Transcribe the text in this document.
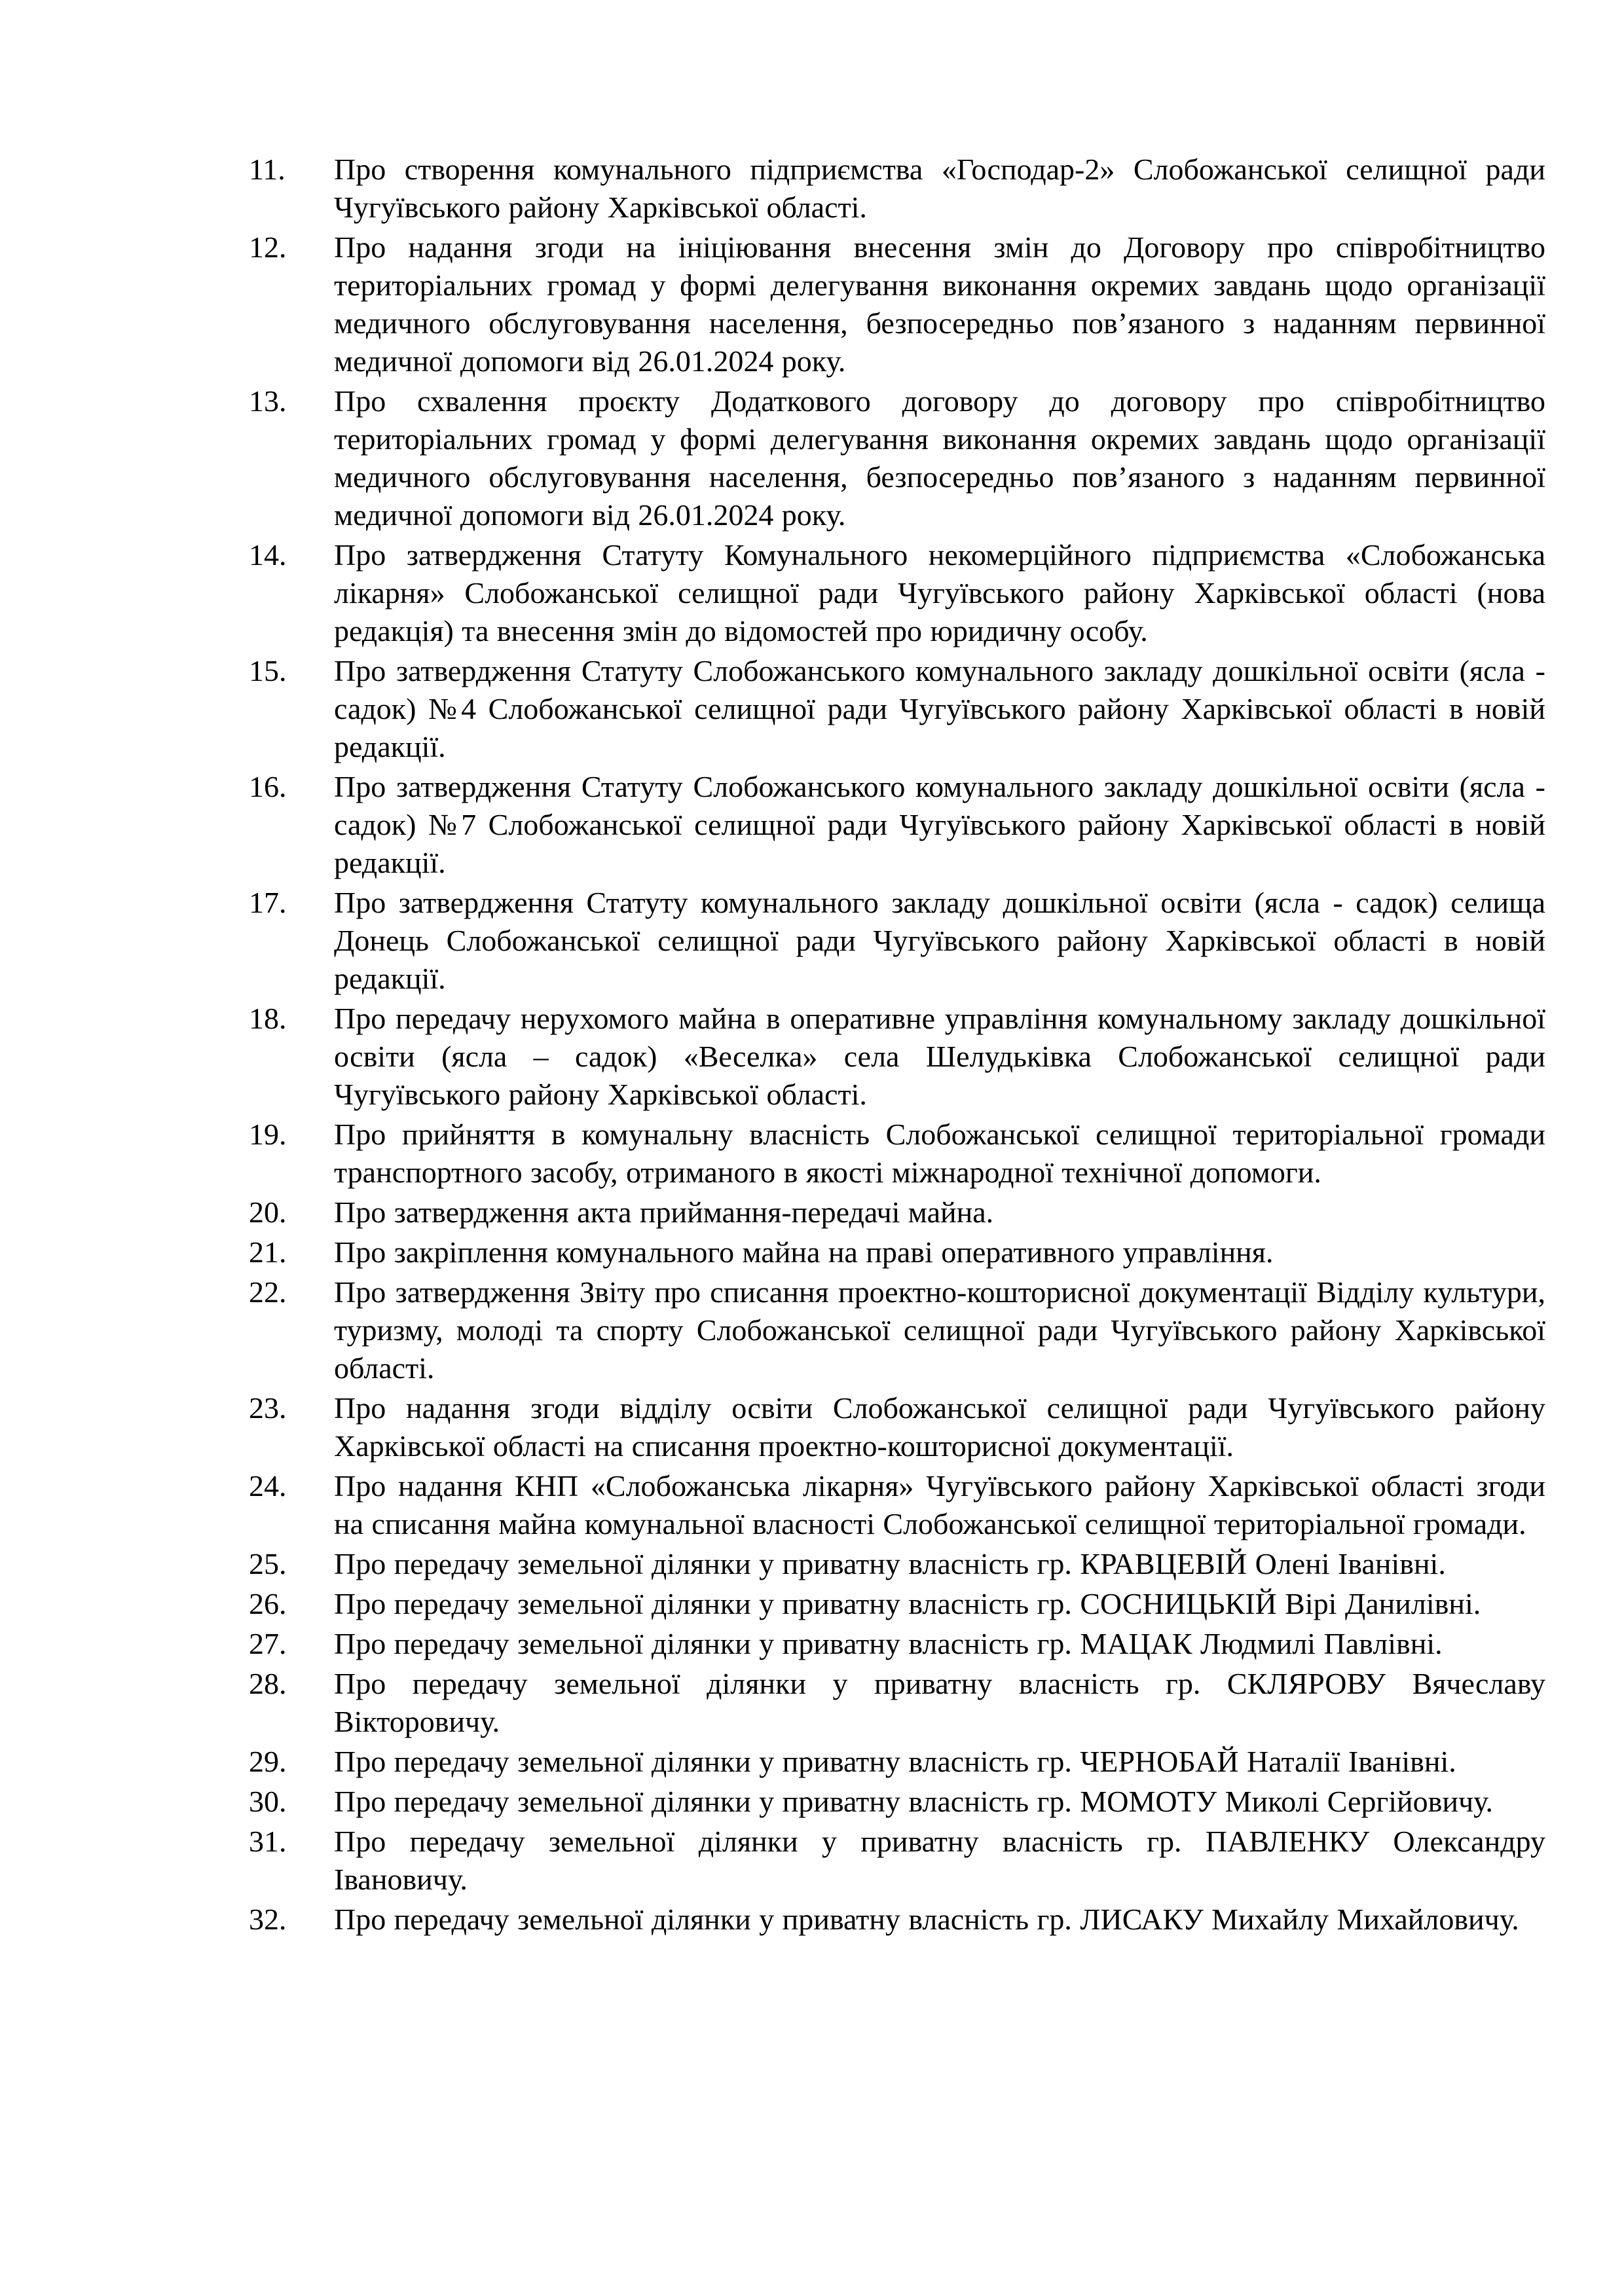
11.	Про створення комунального підприємства «Господар-2» Слобожанської селищної ради Чугуївського району Харківської області.
12.	Про надання згоди на ініціювання внесення змін до Договору про співробітництво територіальних громад у формі делегування виконання окремих завдань щодо організації медичного обслуговування населення, безпосередньо пов’язаного з наданням первинної медичної допомоги від 26.01.2024 року.
13.	Про схвалення проєкту Додаткового договору до договору про співробітництво територіальних громад у формі делегування виконання окремих завдань щодо організації медичного обслуговування населення, безпосередньо пов’язаного з наданням первинної медичної допомоги від 26.01.2024 року.
14.	Про затвердження Статуту Комунального некомерційного підприємства «Слобожанська лікарня» Слобожанської селищної ради Чугуївського району Харківської області (нова редакція) та внесення змін до відомостей про юридичну особу.
15.	Про затвердження Статуту Слобожанського комунального закладу дошкільної освіти (ясла - садок) №4 Слобожанської селищної ради Чугуївського району Харківської області в новій редакції.
16.	Про затвердження Статуту Слобожанського комунального закладу дошкільної освіти (ясла - садок) №7 Слобожанської селищної ради Чугуївського району Харківської області в новій редакції.
17.	Про затвердження Статуту комунального закладу дошкільної освіти (ясла - садок) селища Донець Слобожанської селищної ради Чугуївського району Харківської області в новій редакції.
18.	Про передачу нерухомого майна в оперативне управління комунальному закладу дошкільної освіти (ясла – садок) «Веселка» села Шелудьківка Слобожанської селищної ради Чугуївського району Харківської області.
19.	Про прийняття в комунальну власність Слобожанської селищної територіальної громади транспортного засобу, отриманого в якості міжнародної технічної допомоги.
20.	Про затвердження акта приймання-передачі майна.
21.	Про закріплення комунального майна на праві оперативного управління.
22.	Про затвердження Звіту про списання проектно-кошторисної документації Відділу культури, туризму, молоді та спорту Слобожанської селищної ради Чугуївського району Харківської області.
23.	Про надання згоди відділу освіти Слобожанської селищної ради Чугуївського району Харківської області на списання проектно-кошторисної документації.
24.	Про надання КНП «Слобожанська лікарня» Чугуївського району Харківської області згоди на списання майна комунальної власності Слобожанської селищної територіальної громади.
25.	Про передачу земельної ділянки у приватну власність гр. КРАВЦЕВІЙ Олені Іванівні.
26.	Про передачу земельної ділянки у приватну власність гр. СОСНИЦЬКІЙ Вірі Данилівні.
27.	Про передачу земельної ділянки у приватну власність гр. МАЦАК Людмилі Павлівні.
28.	Про передачу земельної ділянки у приватну власність гр. СКЛЯРОВУ Вячеславу Вікторовичу.
29.	Про передачу земельної ділянки у приватну власність гр. ЧЕРНОБАЙ Наталії Іванівні.
30.	Про передачу земельної ділянки у приватну власність гр. МОМОТУ Миколі Сергійовичу.
31.	Про передачу земельної ділянки у приватну власність гр. ПАВЛЕНКУ Олександру Івановичу.
32.	Про передачу земельної ділянки у приватну власність гр. ЛИСАКУ Михайлу Михайловичу.
